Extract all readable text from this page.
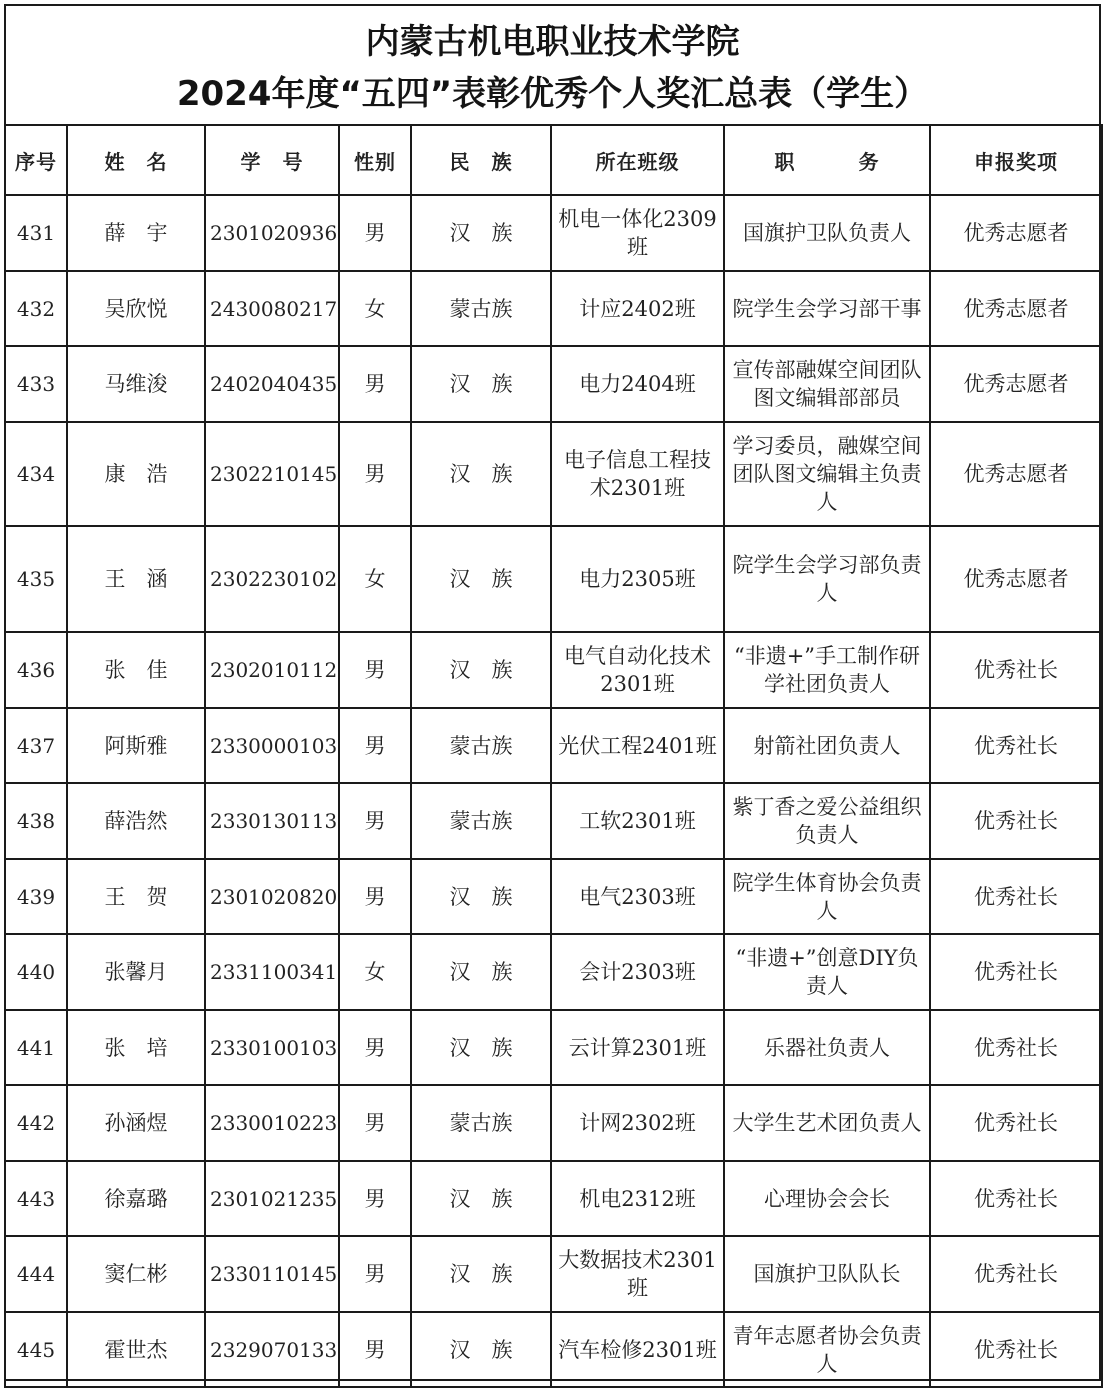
内蒙古机电职业技术学院
2024年度“五四”表彰优秀个人奖汇总表（学生）
序号	姓　名	学　号	性别	民　族	所在班级	职　　　务	申报奖项
431	薛　宇	2301020936	男	汉　族	机电一体化2309班	国旗护卫队负责人	优秀志愿者
432	吴欣悦	2430080217	女	蒙古族	计应2402班	院学生会学习部干事	优秀志愿者
433	马维浚	2402040435	男	汉　族	电力2404班	宣传部融媒空间团队图文编辑部部员	优秀志愿者
434	康　浩	2302210145	男	汉　族	电子信息工程技术2301班	学习委员，融媒空间团队图文编辑主负责人	优秀志愿者
435	王　涵	2302230102	女	汉　族	电力2305班	院学生会学习部负责人	优秀志愿者
436	张　佳	2302010112	男	汉　族	电气自动化技术2301班	“非遗+”手工制作研学社团负责人	优秀社长
437	阿斯雅	2330000103	男	蒙古族	光伏工程2401班	射箭社团负责人	优秀社长
438	薛浩然	2330130113	男	蒙古族	工软2301班	紫丁香之爱公益组织负责人	优秀社长
439	王　贺	2301020820	男	汉　族	电气2303班	院学生体育协会负责人	优秀社长
440	张馨月	2331100341	女	汉　族	会计2303班	“非遗+”创意DIY负责人	优秀社长
441	张　培	2330100103	男	汉　族	云计算2301班	乐器社负责人	优秀社长
442	孙涵煜	2330010223	男	蒙古族	计网2302班	大学生艺术团负责人	优秀社长
443	徐嘉璐	2301021235	男	汉　族	机电2312班	心理协会会长	优秀社长
444	窦仁彬	2330110145	男	汉　族	大数据技术2301班	国旗护卫队队长	优秀社长
445	霍世杰	2329070133	男	汉　族	汽车检修2301班	青年志愿者协会负责人	优秀社长
